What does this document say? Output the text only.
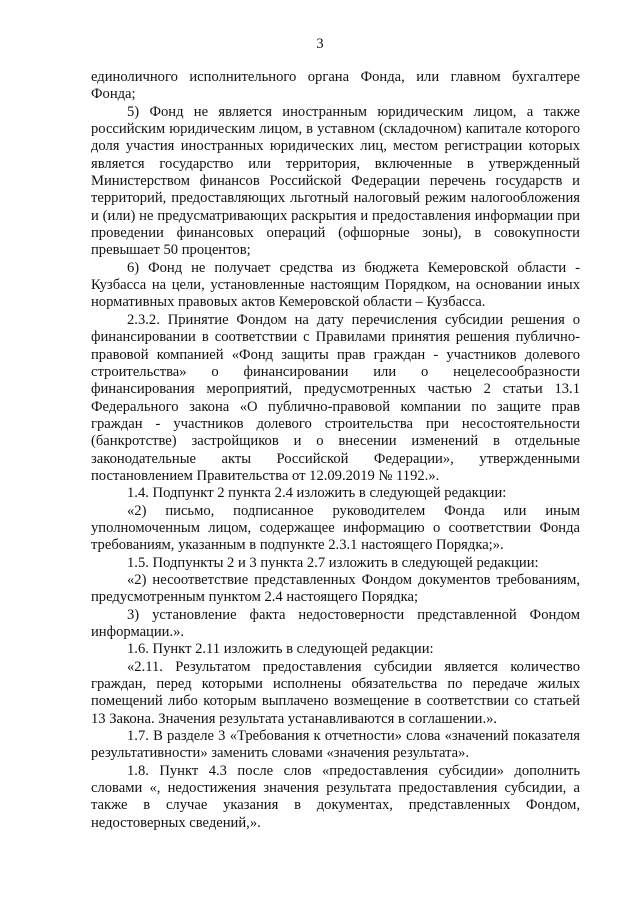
3

единоличного исполнительного органа Фонда, или главном бухгалтере Фонда;

5) Фонд не является иностранным юридическим лицом, а также российским юридическим лицом, в уставном (складочном) капитале которого доля участия иностранных юридических лиц, местом регистрации которых является государство или территория, включенные в утвержденный Министерством финансов Российской Федерации перечень государств и территорий, предоставляющих льготный налоговый режим налогообложения и (или) не предусматривающих раскрытия и предоставления информации при проведении финансовых операций (офшорные зоны), в совокупности превышает 50 процентов;

6) Фонд не получает средства из бюджета Кемеровской области - Кузбасса на цели, установленные настоящим Порядком, на основании иных нормативных правовых актов Кемеровской области – Кузбасса.

2.3.2. Принятие Фондом на дату перечисления субсидии решения о финансировании в соответствии с Правилами принятия решения публично-правовой компанией «Фонд защиты прав граждан - участников долевого строительства» о финансировании или о нецелесообразности финансирования мероприятий, предусмотренных частью 2 статьи 13.1 Федерального закона «О публично-правовой компании по защите прав граждан - участников долевого строительства при несостоятельности (банкротстве) застройщиков и о внесении изменений в отдельные законодательные акты Российской Федерации», утвержденными постановлением Правительства от 12.09.2019 № 1192.».

1.4. Подпункт 2 пункта 2.4 изложить в следующей редакции:

«2) письмо, подписанное руководителем Фонда или иным уполномоченным лицом, содержащее информацию о соответствии Фонда требованиям, указанным в подпункте 2.3.1 настоящего Порядка;».

1.5. Подпункты 2 и 3 пункта 2.7 изложить в следующей редакции:

«2) несоответствие представленных Фондом документов требованиям, предусмотренным пунктом 2.4 настоящего Порядка;

3) установление факта недостоверности представленной Фондом информации.».

1.6. Пункт 2.11 изложить в следующей редакции:

«2.11. Результатом предоставления субсидии является количество граждан, перед которыми исполнены обязательства по передаче жилых помещений либо которым выплачено возмещение в соответствии со статьей 13 Закона. Значения результата устанавливаются в соглашении.».

1.7. В разделе 3 «Требования к отчетности» слова «значений показателя результативности» заменить словами «значения результата».

1.8. Пункт 4.3 после слов «предоставления субсидии» дополнить словами «, недостижения значения результата предоставления субсидии, а также в случае указания в документах, представленных Фондом, недостоверных сведений,».
